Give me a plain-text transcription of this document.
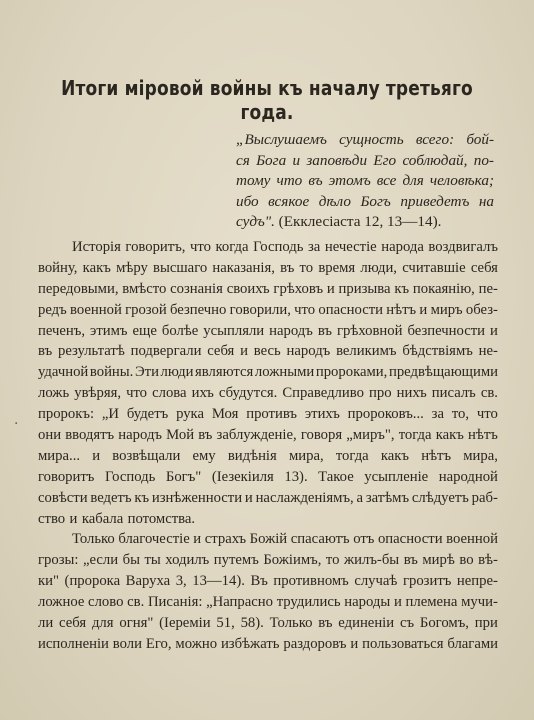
Итоги мiровой войны къ началу третьяго года.
„Выслушаемъ сущность всего: бой-
ся Бога и заповѣди Его соблюдай, по-
тому что въ этомъ все для человѣка;
ибо всякое дѣло Богъ приведетъ на
судъ". (Екклесiаста 12, 13—14).
·
Исторiя говоритъ, что когда Господь за нечестiе народа воздвигалъ
войну, какъ мѣру высшаго наказанiя, въ то время люди, считавшiе себя
передовыми, вмѣсто сознанiя своихъ грѣховъ и призыва къ покаянiю, пе-
редъ военной грозой безпечно говорили, что опасности нѣтъ и миръ обез-
печенъ, этимъ еще болѣе усыпляли народъ въ грѣховной безпечности и
въ результатѣ подвергали себя и весь народъ великимъ бѣдствiямъ не-
удачной войны. Эти люди являются ложными пророками, предвѣщающими
ложь увѣряя, что слова ихъ сбудутся. Справедливо про нихъ писалъ св.
пророкъ: „И будетъ рука Моя противъ этихъ пророковъ... за то, что
они вводятъ народъ Мой въ заблужденiе, говоря „миръ", тогда какъ нѣтъ
мира... и возвѣщали ему видѣнiя мира, тогда какъ нѣтъ мира,
говоритъ Господь Богъ" (Iезекiиля 13). Такое усыпленiе народной
совѣсти ведетъ къ изнѣженности и наслажденiямъ, а затѣмъ слѣдуетъ раб-
ство и кабала потомства.
Только благочестiе и страхъ Божiй спасаютъ отъ опасности военной
грозы: „если бы ты ходилъ путемъ Божiимъ, то жилъ-бы въ мирѣ во вѣ-
ки" (пророка Варуха 3, 13—14). Въ противномъ случаѣ грозитъ непре-
ложное слово св. Писанiя: „Напрасно трудились народы и племена мучи-
ли себя для огня" (Iеремiи 51, 58). Только въ единенiи съ Богомъ, при
исполненiи воли Его, можно избѣжать раздоровъ и пользоваться благами
